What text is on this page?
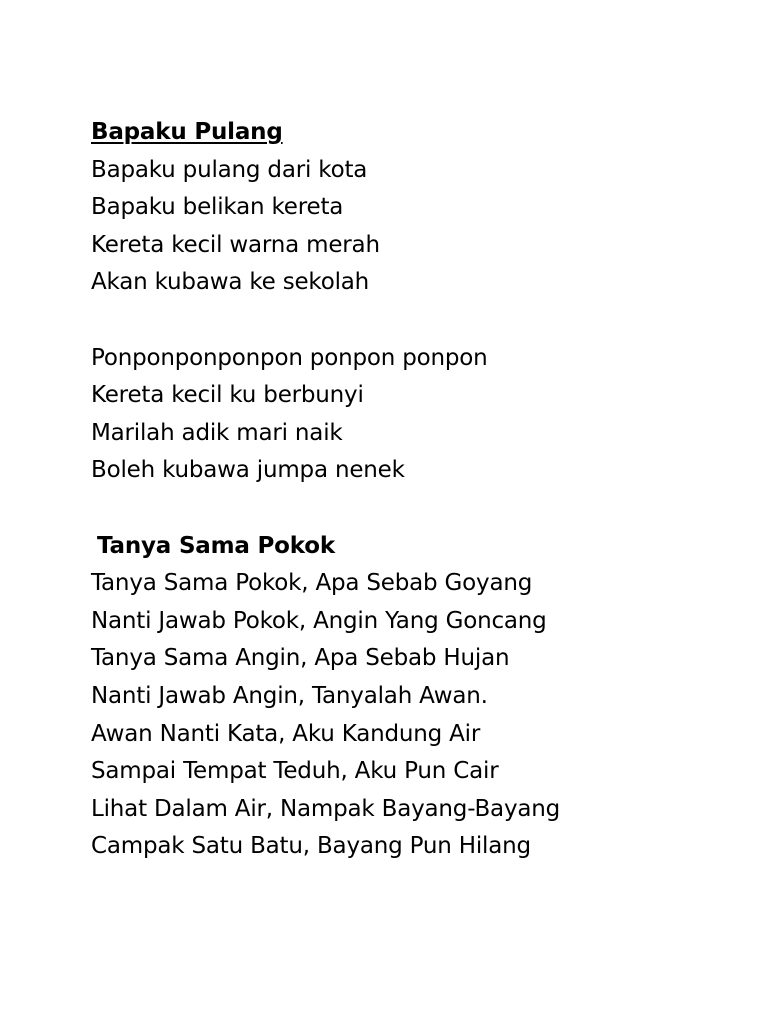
Bapaku Pulang
Bapaku pulang dari kota
Bapaku belikan kereta
Kereta kecil warna merah
Akan kubawa ke sekolah
Ponponponponpon ponpon ponpon
Kereta kecil ku berbunyi
Marilah adik mari naik
Boleh kubawa jumpa nenek
Tanya Sama Pokok
Tanya Sama Pokok, Apa Sebab Goyang
Nanti Jawab Pokok, Angin Yang Goncang
Tanya Sama Angin, Apa Sebab Hujan
Nanti Jawab Angin, Tanyalah Awan.
Awan Nanti Kata, Aku Kandung Air
Sampai Tempat Teduh, Aku Pun Cair
Lihat Dalam Air, Nampak Bayang-Bayang
Campak Satu Batu, Bayang Pun Hilang
